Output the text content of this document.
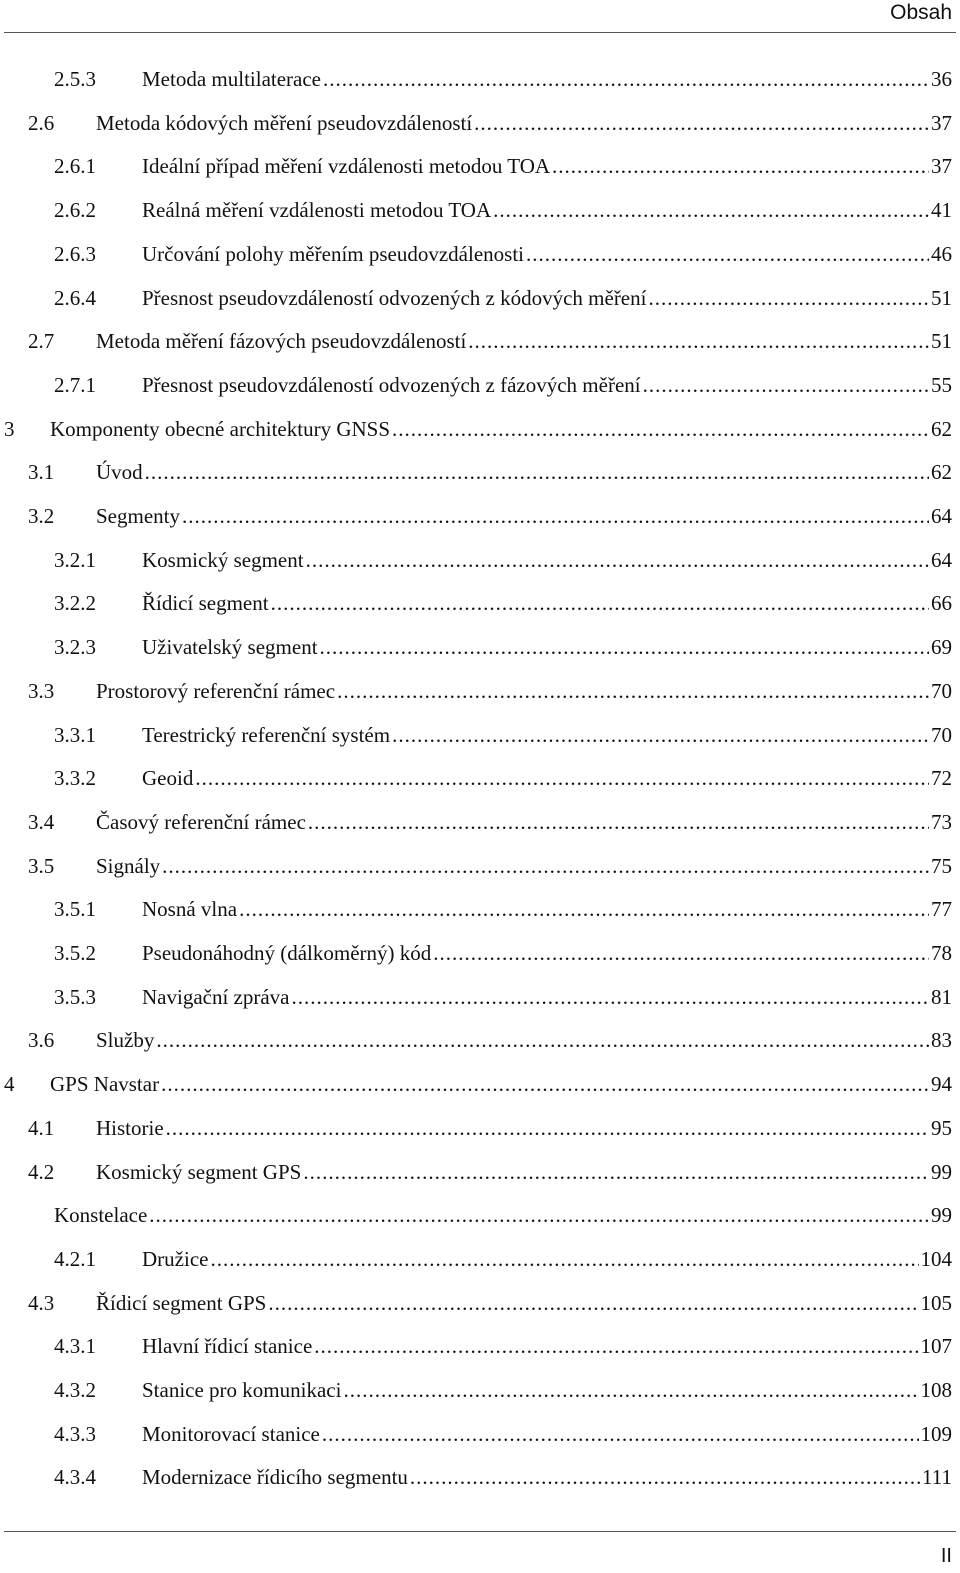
Obsah
2.5.3	Metoda multilaterace .....	36
2.6	Metoda kódových měření pseudovzdáleností .....	37
2.6.1	Ideální případ měření vzdálenosti metodou TOA .....	37
2.6.2	Reálná měření vzdálenosti metodou TOA .....	41
2.6.3	Určování polohy měřením pseudovzdálenosti .....	46
2.6.4	Přesnost pseudovzdáleností odvozených z kódových měření .....	51
2.7	Metoda měření fázových pseudovzdáleností .....	51
2.7.1	Přesnost pseudovzdáleností odvozených z fázových měření .....	55
3	Komponenty obecné architektury GNSS .....	62
3.1	Úvod .....	62
3.2	Segmenty .....	64
3.2.1	Kosmický segment .....	64
3.2.2	Řídicí segment .....	66
3.2.3	Uživatelský segment .....	69
3.3	Prostorový referenční rámec .....	70
3.3.1	Terestrický referenční systém .....	70
3.3.2	Geoid .....	72
3.4	Časový referenční rámec .....	73
3.5	Signály .....	75
3.5.1	Nosná vlna .....	77
3.5.2	Pseudonáhodný (dálkoměrný) kód .....	78
3.5.3	Navigační zpráva .....	81
3.6	Služby .....	83
4	GPS Navstar .....	94
4.1	Historie .....	95
4.2	Kosmický segment GPS .....	99
Konstelace .....	99
4.2.1	Družice .....	104
4.3	Řídicí segment GPS .....	105
4.3.1	Hlavní řídicí stanice .....	107
4.3.2	Stanice pro komunikaci .....	108
4.3.3	Monitorovací stanice .....	109
4.3.4	Modernizace řídicího segmentu .....	111
II
